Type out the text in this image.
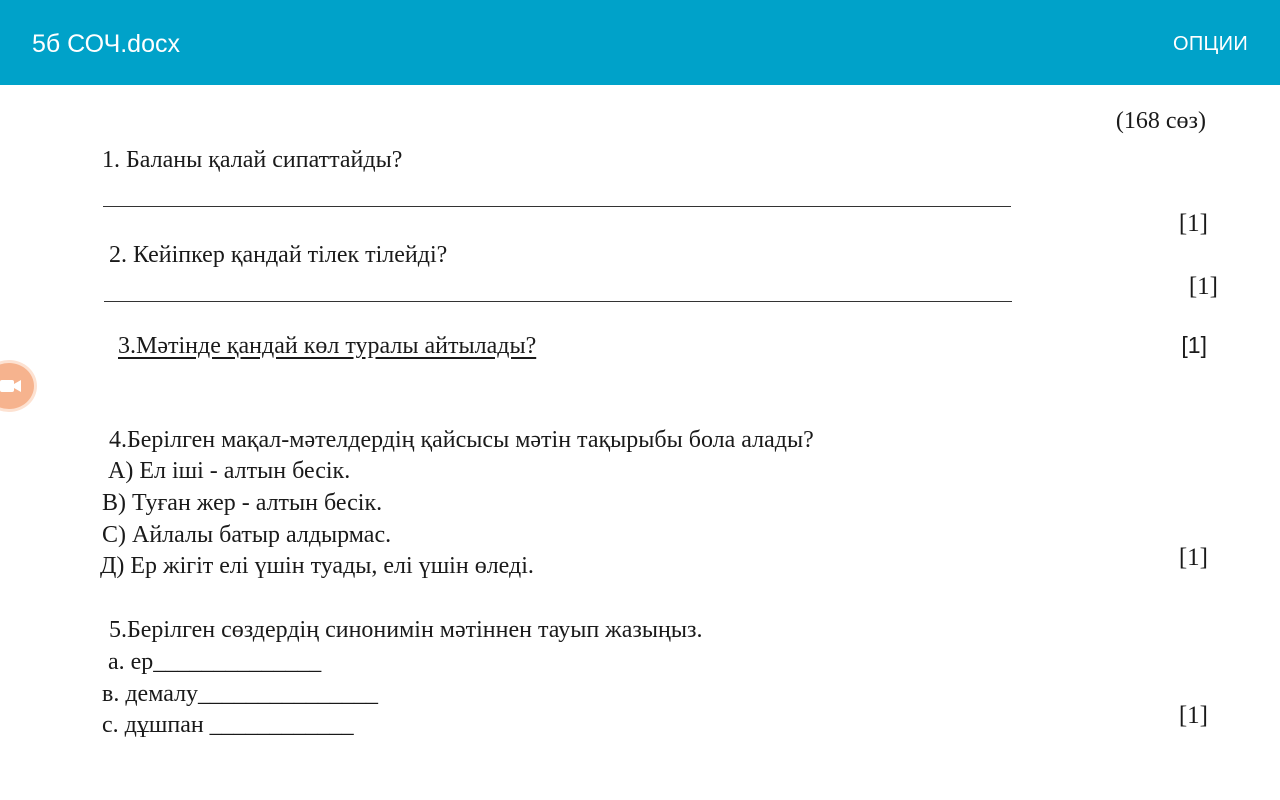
5б СОЧ.docx	ОПЦИИ
(168 сөз)
1. Баланы қалай сипаттайды?
[1]
2. Кейіпкер қандай тілек тілейді?
[1]
3.Мәтінде қандай көл туралы айтылады?	[1]
4.Берілген мақал-мәтелдердің қайсысы мәтін тақырыбы бола алады?
А) Ел іші - алтын бесік.
В) Туған жер - алтын бесік.
С) Айлалы батыр алдырмас.
Д) Ер жігіт елі үшін туады, елі үшін өледі.	[1]
5.Берілген сөздердің синонимін мәтіннен тауып жазыңыз.
а. ер______________
в. демалу_______________
с. дұшпан ____________	[1]
